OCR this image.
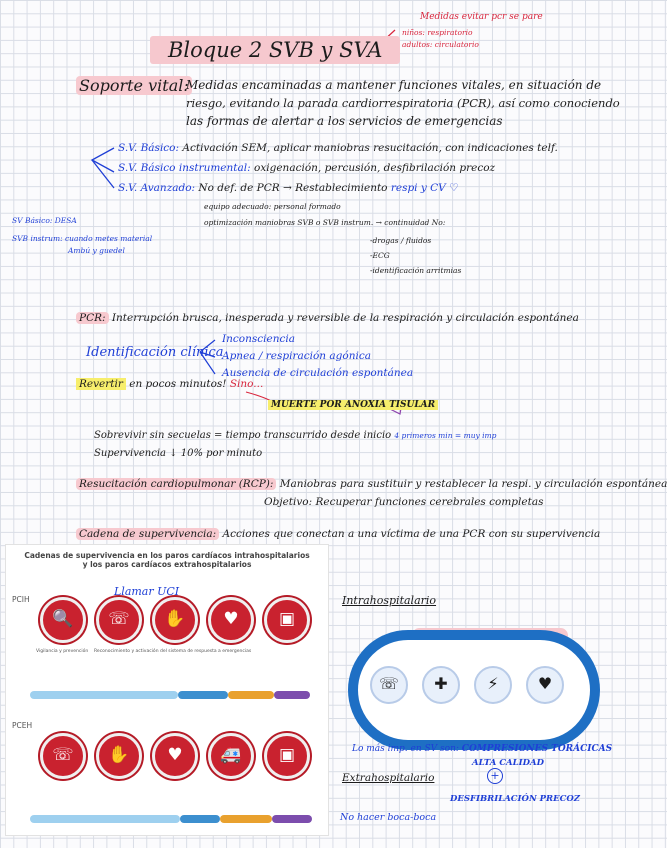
Medidas evitar pcr se pare
niños: respiratorio
adultos: circulatorio
Bloque 2 SVB y SVA
Soporte vital:
Medidas encaminadas a mantener funciones vitales, en situación de
riesgo, evitando la parada cardiorrespiratoria (PCR), así como conociendo
las formas de alertar a los servicios de emergencias
S.V. Básico: Activación SEM, aplicar maniobras resucitación, con indicaciones telf.
S.V. Básico instrumental: oxigenación, percusión, desfibrilación precoz
S.V. Avanzado: No def. de PCR → Restablecimiento respi y CV ♡
equipo adecuado: personal formado
optimización maniobras SVB o SVB instrum. → continuidad No:
-drogas / fluidos
-ECG
-identificación arritmias
SV Básico: DESA
SVB instrum: cuando metes material
Ambú y guedel
PCR: Interrupción brusca, inesperada y reversible de la respiración y circulación espontánea
Identificación clínica
Inconsciencia
Apnea / respiración agónica
Ausencia de circulación espontánea
Revertir en pocos minutos! Sino...
MUERTE POR ANOXIA TISULAR
Sobrevivir sin secuelas = tiempo transcurrido desde inicio 4 primeros min = muy imp
Supervivencia ↓ 10% por minuto
Resucitación cardiopulmonar (RCP): Maniobras para sustituir y restablecer la respi. y circulación espontánea
Objetivo: Recuperar funciones cerebrales completas
Cadena de supervivencia: Acciones que conectan a una víctima de una PCR con su supervivencia
Cadenas de supervivencia en los paros cardíacos intrahospitalarios
y los paros cardíacos extrahospitalarios
PCIH
Llamar UCI
🔍	☏	✋	♥	▣
Vigilancia y prevención Reconocimiento y activación del sistema de respuesta a emergencias
PCEH
☏	✋	♥	🚑	▣
Intrahospitalario
☏	✚	⚡	♥
Lo más imp. en SV son: COMPRESIONES TORÁCICAS
ALTA CALIDAD
+
DESFIBRILACIÓN PRECOZ
Extrahospitalario
No hacer boca-boca
